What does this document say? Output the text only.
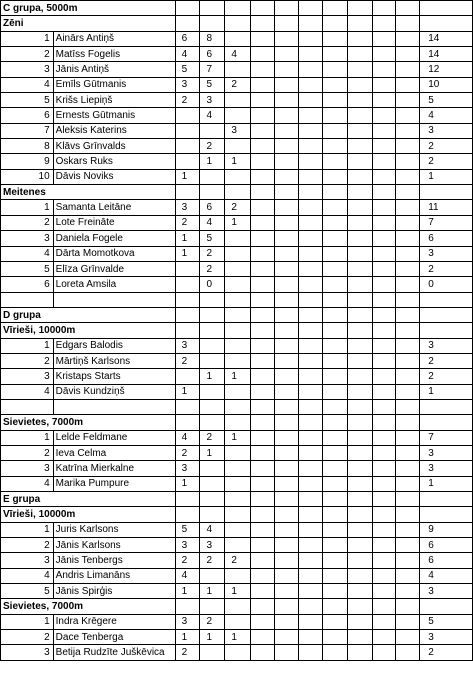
C grupa, 5000m												
Zēni												
1	Ainārs Antiņš	6	8									14
2	Matīss Fogelis	4	6	4								14
3	Jānis Antiņš	5	7									12
4	Emīls Gūtmanis	3	5	2								10
5	Krišs Liepiņš	2	3									5
6	Ernests Gūtmanis		4									4
7	Aleksis Katerins			3								3
8	Klāvs Grīnvalds		2									2
9	Oskars Ruks		1	1								2
10	Dāvis Noviks	1										1
Meitenes												
1	Samanta Leitāne	3	6	2								11
2	Lote Freināte	2	4	1								7
3	Daniela Fogele	1	5									6
4	Dārta Momotkova	1	2									3
5	Elīza Grīnvalde		2									2
6	Loreta Amsila		0									0

D grupa												
Vīrieši, 10000m												
1	Edgars Balodis	3										3
2	Mārtiņš Karlsons	2										2
3	Kristaps Starts		1	1								2
4	Dāvis Kundziņš	1										1

Sievietes, 7000m												
1	Lelde Feldmane	4	2	1								7
2	Ieva Celma	2	1									3
3	Katrīna Mierkalne	3										3
4	Marika Pumpure	1										1
E grupa												
Vīrieši, 10000m												
1	Juris Karlsons	5	4									9
2	Jānis Karlsons	3	3									6
3	Jānis Tenbergs	2	2	2								6
4	Andris Limanāns	4										4
5	Jānis Spirģis	1	1	1								3
Sievietes, 7000m												
1	Indra Krēgere	3	2									5
2	Dace Tenberga	1	1	1								3
3	Betija Rudzīte Juškēvica	2										2
